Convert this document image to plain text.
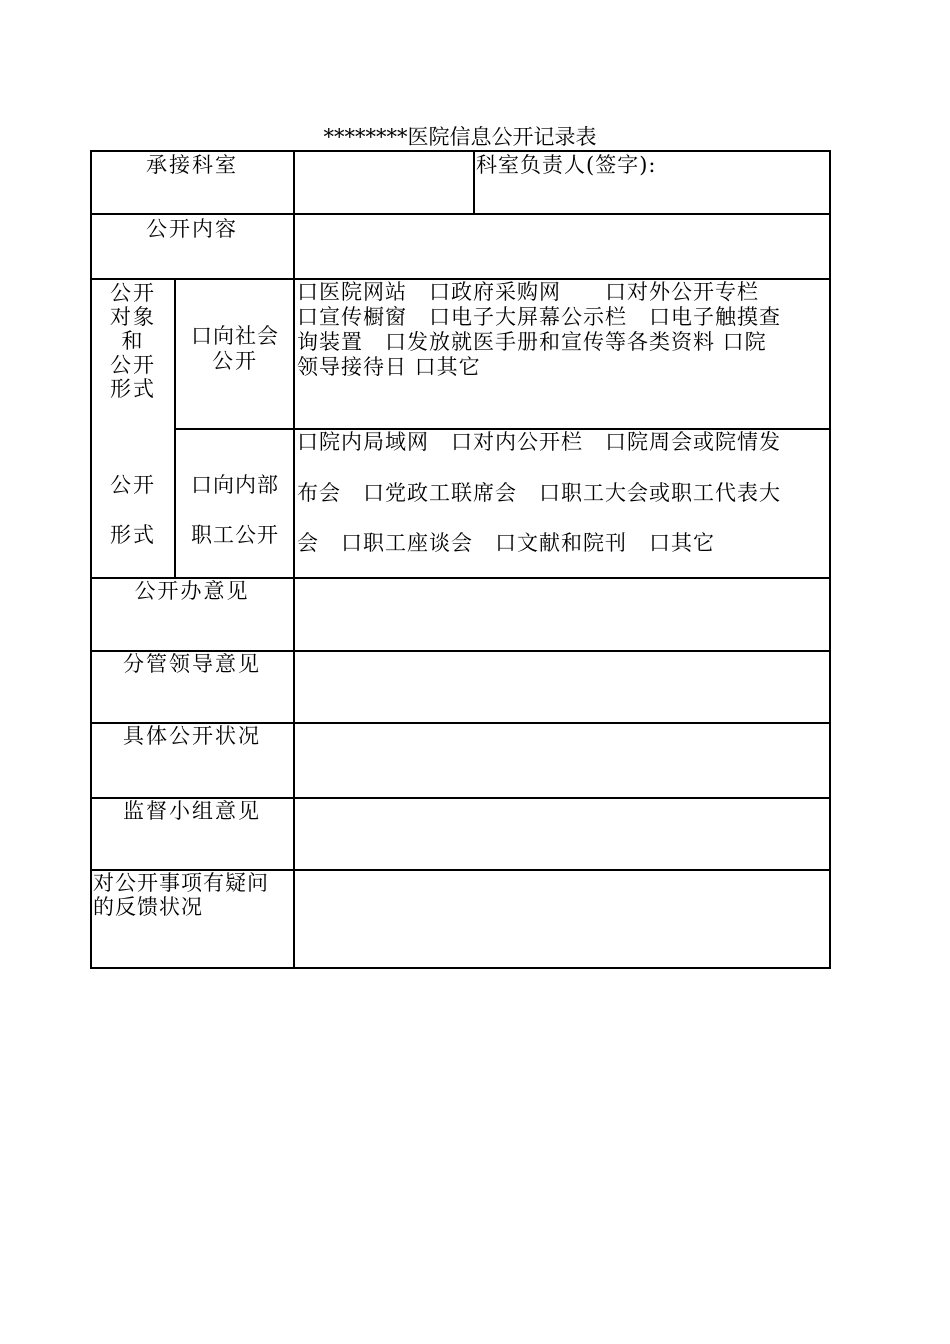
********医院信息公开记录表
承接科室	科室负责人(签字):
公开内容
公开
对象
和
公开
形式
公开
形式
口向社会
公开
口医院网站　口政府采购网　　口对外公开专栏
口宣传橱窗　口电子大屏幕公示栏　口电子触摸查
询装置　口发放就医手册和宣传等各类资料 口院
领导接待日 口其它
口向内部
职工公开
口院内局域网　口对内公开栏　口院周会或院情发
布会　口党政工联席会　口职工大会或职工代表大
会　口职工座谈会　口文献和院刊　口其它
公开办意见
分管领导意见
具体公开状况
监督小组意见
对公开事项有疑问
的反馈状况
